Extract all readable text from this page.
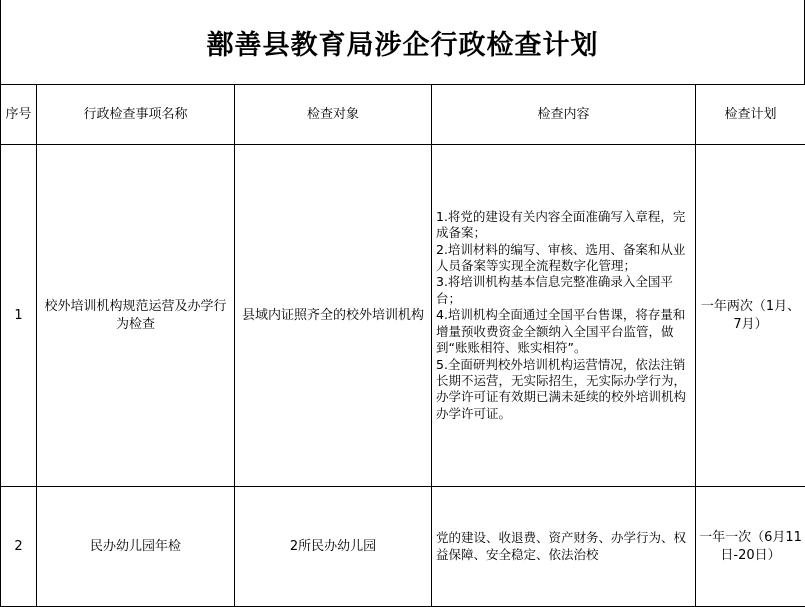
鄯善县教育局涉企行政检查计划
序号	行政检查事项名称	检查对象	检查内容	检查计划
1	校外培训机构规范运营及办学行为检查	县域内证照齐全的校外培训机构	1.将党的建设有关内容全面准确写入章程，完成备案；
2.培训材料的编写、审核、选用、备案和从业人员备案等实现全流程数字化管理；
3.将培训机构基本信息完整准确录入全国平台；
4.培训机构全面通过全国平台售课，将存量和增量预收费资金全额纳入全国平台监管，做到“账账相符、账实相符”。
5.全面研判校外培训机构运营情况，依法注销长期不运营，无实际招生，无实际办学行为，办学许可证有效期已满未延续的校外培训机构办学许可证。	一年两次（1月、7月）
2	民办幼儿园年检	2所民办幼儿园	党的建设、收退费、资产财务、办学行为、权益保障、安全稳定、依法治校	一年一次（6月11日-20日）
